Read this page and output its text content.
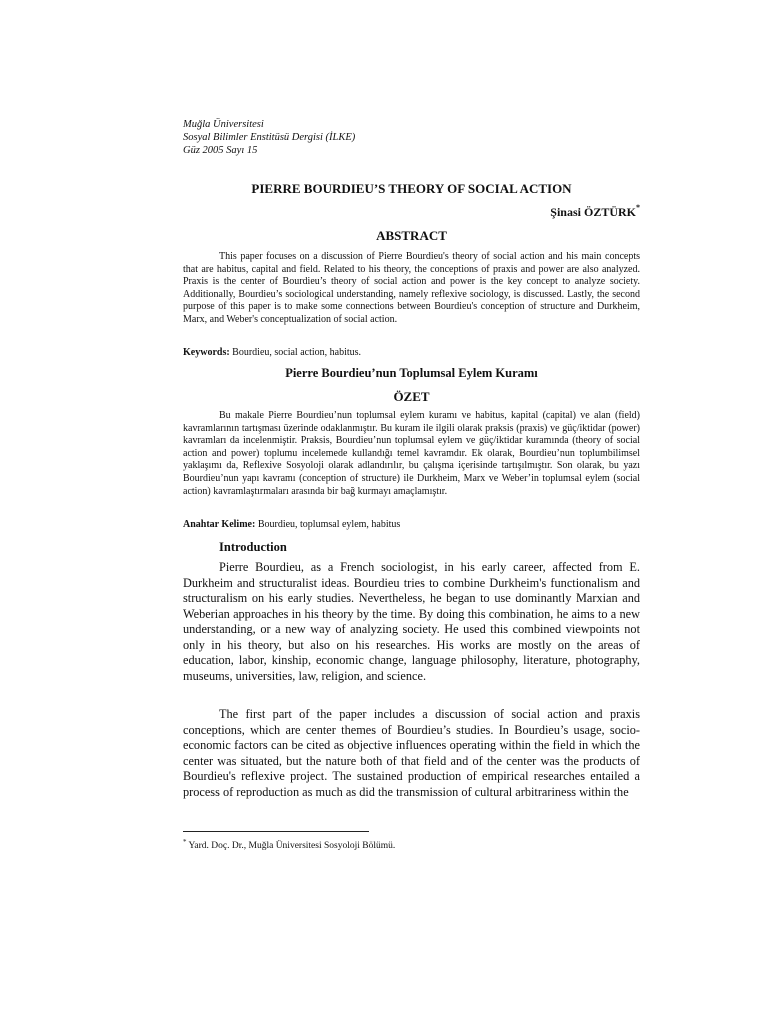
Muğla Üniversitesi
Sosyal Bilimler Enstitüsü Dergisi (İLKE)
Güz 2005 Sayı 15
PIERRE BOURDIEU’S THEORY OF SOCIAL ACTION
Şinasi ÖZTÜRK*
ABSTRACT
This paper focuses on a discussion of Pierre Bourdieu's theory of social action and his main concepts that are habitus, capital and field. Related to his theory, the conceptions of praxis and power are also analyzed. Praxis is the center of Bourdieu’s theory of social action and power is the key concept to analyze society. Additionally, Bourdieu’s sociological understanding, namely reflexive sociology, is discussed. Lastly, the second purpose of this paper is to make some connections between Bourdieu's conception of structure and Durkheim, Marx, and Weber's conceptualization of social action.
Keywords: Bourdieu, social action, habitus.
Pierre Bourdieu’nun Toplumsal Eylem Kuramı
ÖZET
Bu makale Pierre Bourdieu’nun toplumsal eylem kuramı ve habitus, kapital (capital) ve alan (field) kavramlarının tartışması üzerinde odaklanmıştır. Bu kuram ile ilgili olarak praksis (praxis) ve güç/iktidar (power) kavramları da incelenmiştir. Praksis, Bourdieu’nun toplumsal eylem ve güç/iktidar kuramında (theory of social action and power) toplumu incelemede kullandığı temel kavramdır. Ek olarak, Bourdieu’nun toplumbilimsel yaklaşımı da, Reflexive Sosyoloji olarak adlandırılır, bu çalışma içerisinde tartışılmıştır. Son olarak, bu yazı Bourdieu’nun yapı kavramı (conception of structure) ile Durkheim, Marx ve Weber’in toplumsal eylem (social action) kavramlaştırmaları arasında bir bağ kurmayı amaçlamıştır.
Anahtar Kelime: Bourdieu, toplumsal eylem, habitus
Introduction
Pierre Bourdieu, as a French sociologist, in his early career, affected from E. Durkheim and structuralist ideas. Bourdieu tries to combine Durkheim's functionalism and structuralism on his early studies. Nevertheless, he began to use dominantly Marxian and Weberian approaches in his theory by the time. By doing this combination, he aims to a new understanding, or a new way of analyzing society. He used this combined viewpoints not only in his theory, but also on his researches. His works are mostly on the areas of education, labor, kinship, economic change, language philosophy, literature, photography, museums, universities, law, religion, and science.
The first part of the paper includes a discussion of social action and praxis conceptions, which are center themes of Bourdieu’s studies. In Bourdieu’s usage, socio-economic factors can be cited as objective influences operating within the field in which the center was situated, but the nature both of that field and of the center was the products of Bourdieu's reflexive project. The sustained production of empirical researches entailed a process of reproduction as much as did the transmission of cultural arbitrariness within the
* Yard. Doç. Dr., Muğla Üniversitesi Sosyoloji Bölümü.
